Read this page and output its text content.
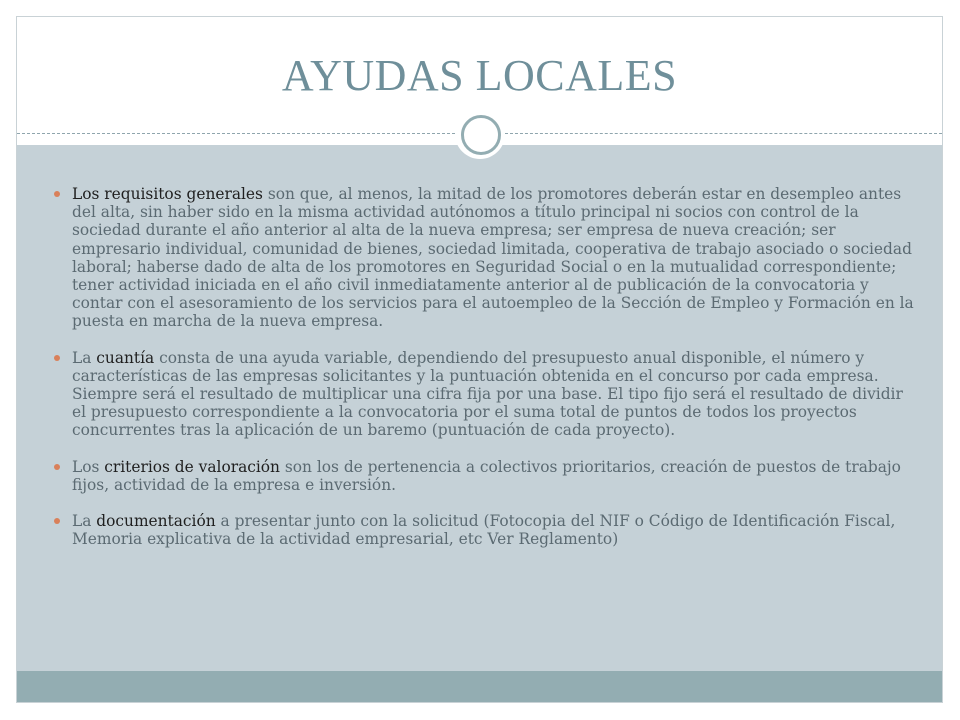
AYUDAS LOCALES
Los requisitos generales son que, al menos, la mitad de los promotores deberán estar en desempleo antes del alta, sin haber sido en la misma actividad autónomos a título principal ni socios con control de la sociedad durante el año anterior al alta de la nueva empresa; ser empresa de nueva creación; ser empresario individual, comunidad de bienes, sociedad limitada, cooperativa de trabajo asociado o sociedad laboral; haberse dado de alta de los promotores en Seguridad Social o en la mutualidad correspondiente; tener actividad iniciada en el año civil inmediatamente anterior al de publicación de la convocatoria y contar con el asesoramiento de los servicios para el autoempleo de la Sección de Empleo y Formación en la puesta en marcha de la nueva empresa.
La cuantía consta de una ayuda variable, dependiendo del presupuesto anual disponible, el número y características de las empresas solicitantes y la puntuación obtenida en el concurso por cada empresa. Siempre será el resultado de multiplicar una cifra fija por una base. El tipo fijo será el resultado de dividir el presupuesto correspondiente a la convocatoria por el suma total de puntos de todos los proyectos concurrentes tras la aplicación de un baremo (puntuación de cada proyecto).
Los criterios de valoración son los de pertenencia a colectivos prioritarios, creación de puestos de trabajo fijos, actividad de la empresa e inversión.
La documentación a presentar junto con la solicitud (Fotocopia del NIF o Código de Identificación Fiscal, Memoria explicativa de la actividad empresarial, etc Ver Reglamento)
